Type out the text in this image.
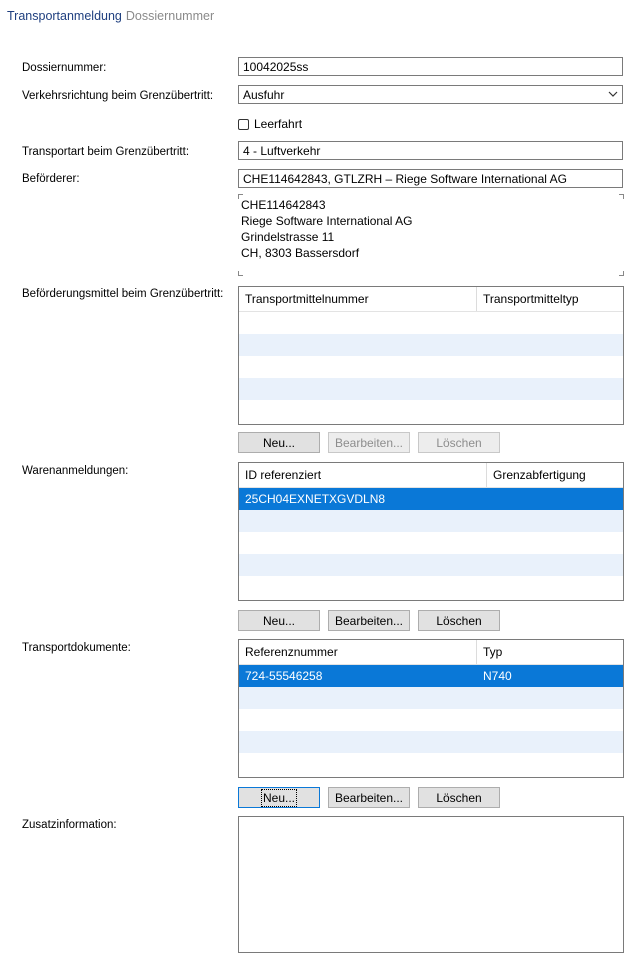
Transportanmeldung Dossiernummer
Dossiernummer:	10042025ss
Verkehrsrichtung beim Grenzübertritt:	Ausfuhr
Leerfahrt
Transportart beim Grenzübertritt:	4 - Luftverkehr
Beförderer:	CHE114642843, GTLZRH – Riege Software International AG
CHE114642843
Riege Software International AG
Grindelstrasse 11
CH, 8303 Bassersdorf
Beförderungsmittel beim Grenzübertritt:	Transportmittelnummer	Transportmitteltyp
Neu...	Bearbeiten...	Löschen
Warenanmeldungen:	ID referenziert	Grenzabfertigung
25CH04EXNETXGVDLN8
Neu...	Bearbeiten...	Löschen
Transportdokumente:	Referenznummer	Typ
724-55546258	N740
Neu...	Bearbeiten...	Löschen
Zusatzinformation:
